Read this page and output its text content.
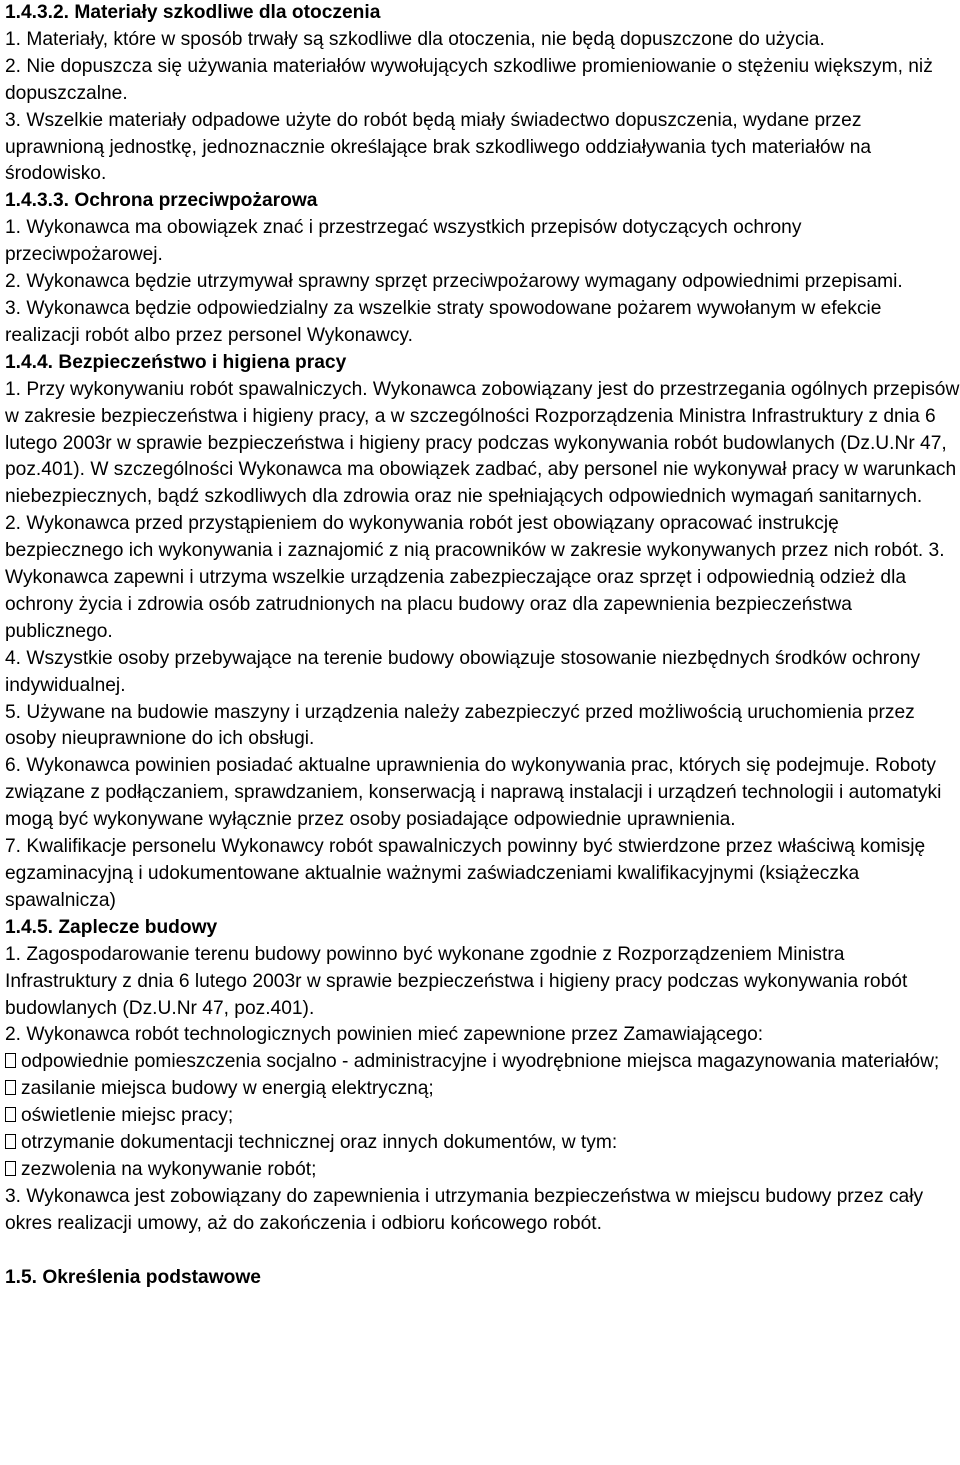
1.4.3.2. Materiały szkodliwe dla otoczenia
1. Materiały, które w sposób trwały są szkodliwe dla otoczenia, nie będą dopuszczone do użycia.
2. Nie dopuszcza się używania materiałów wywołujących szkodliwe promieniowanie o stężeniu większym, niż dopuszczalne.
3. Wszelkie materiały odpadowe użyte do robót będą miały świadectwo dopuszczenia, wydane przez uprawnioną jednostkę, jednoznacznie określające brak szkodliwego oddziaływania tych materiałów na środowisko.
1.4.3.3. Ochrona przeciwpożarowa
1. Wykonawca ma obowiązek znać i przestrzegać wszystkich przepisów dotyczących ochrony przeciwpożarowej.
2. Wykonawca będzie utrzymywał sprawny sprzęt przeciwpożarowy wymagany odpowiednimi przepisami.
3. Wykonawca będzie odpowiedzialny za wszelkie straty spowodowane pożarem wywołanym w efekcie realizacji robót albo przez personel Wykonawcy.
1.4.4. Bezpieczeństwo i higiena pracy
1. Przy wykonywaniu robót spawalniczych. Wykonawca zobowiązany jest do przestrzegania ogólnych przepisów w zakresie bezpieczeństwa i higieny pracy, a w szczególności Rozporządzenia Ministra Infrastruktury z dnia 6 lutego 2003r w sprawie bezpieczeństwa i higieny pracy podczas wykonywania robót budowlanych (Dz.U.Nr 47, poz.401). W szczególności Wykonawca ma obowiązek zadbać, aby personel nie wykonywał pracy w warunkach niebezpiecznych, bądź szkodliwych dla zdrowia oraz nie spełniających odpowiednich wymagań sanitarnych.
2. Wykonawca przed przystąpieniem do wykonywania robót jest obowiązany opracować instrukcję bezpiecznego ich wykonywania i zaznajomić z nią pracowników w zakresie wykonywanych przez nich robót. 3. Wykonawca zapewni i utrzyma wszelkie urządzenia zabezpieczające oraz sprzęt i odpowiednią odzież dla ochrony życia i zdrowia osób zatrudnionych na placu budowy oraz dla zapewnienia bezpieczeństwa publicznego.
4. Wszystkie osoby przebywające na terenie budowy obowiązuje stosowanie niezbędnych środków ochrony indywidualnej.
5. Używane na budowie maszyny i urządzenia należy zabezpieczyć przed możliwością uruchomienia przez osoby nieuprawnione do ich obsługi.
6. Wykonawca powinien posiadać aktualne uprawnienia do wykonywania prac, których się podejmuje. Roboty związane z podłączaniem, sprawdzaniem, konserwacją i naprawą instalacji i urządzeń technologii i automatyki mogą być wykonywane wyłącznie przez osoby posiadające odpowiednie uprawnienia.
7. Kwalifikacje personelu Wykonawcy robót spawalniczych powinny być stwierdzone przez właściwą komisję egzaminacyjną i udokumentowane aktualnie ważnymi zaświadczeniami kwalifikacyjnymi (książeczka spawalnicza)
1.4.5. Zaplecze budowy
1. Zagospodarowanie terenu budowy powinno być wykonane zgodnie z Rozporządzeniem Ministra Infrastruktury z dnia 6 lutego 2003r w sprawie bezpieczeństwa i higieny pracy podczas wykonywania robót budowlanych (Dz.U.Nr 47, poz.401).
2. Wykonawca robót technologicznych powinien mieć zapewnione przez Zamawiającego:
odpowiednie pomieszczenia socjalno - administracyjne i wyodrębnione miejsca magazynowania materiałów;
zasilanie miejsca budowy w energią elektryczną;
oświetlenie miejsc pracy;
otrzymanie dokumentacji technicznej oraz innych dokumentów, w tym:
zezwolenia na wykonywanie robót;
3. Wykonawca jest zobowiązany do zapewnienia i utrzymania bezpieczeństwa w miejscu budowy przez cały okres realizacji umowy, aż do zakończenia i odbioru końcowego robót.
1.5. Określenia podstawowe
